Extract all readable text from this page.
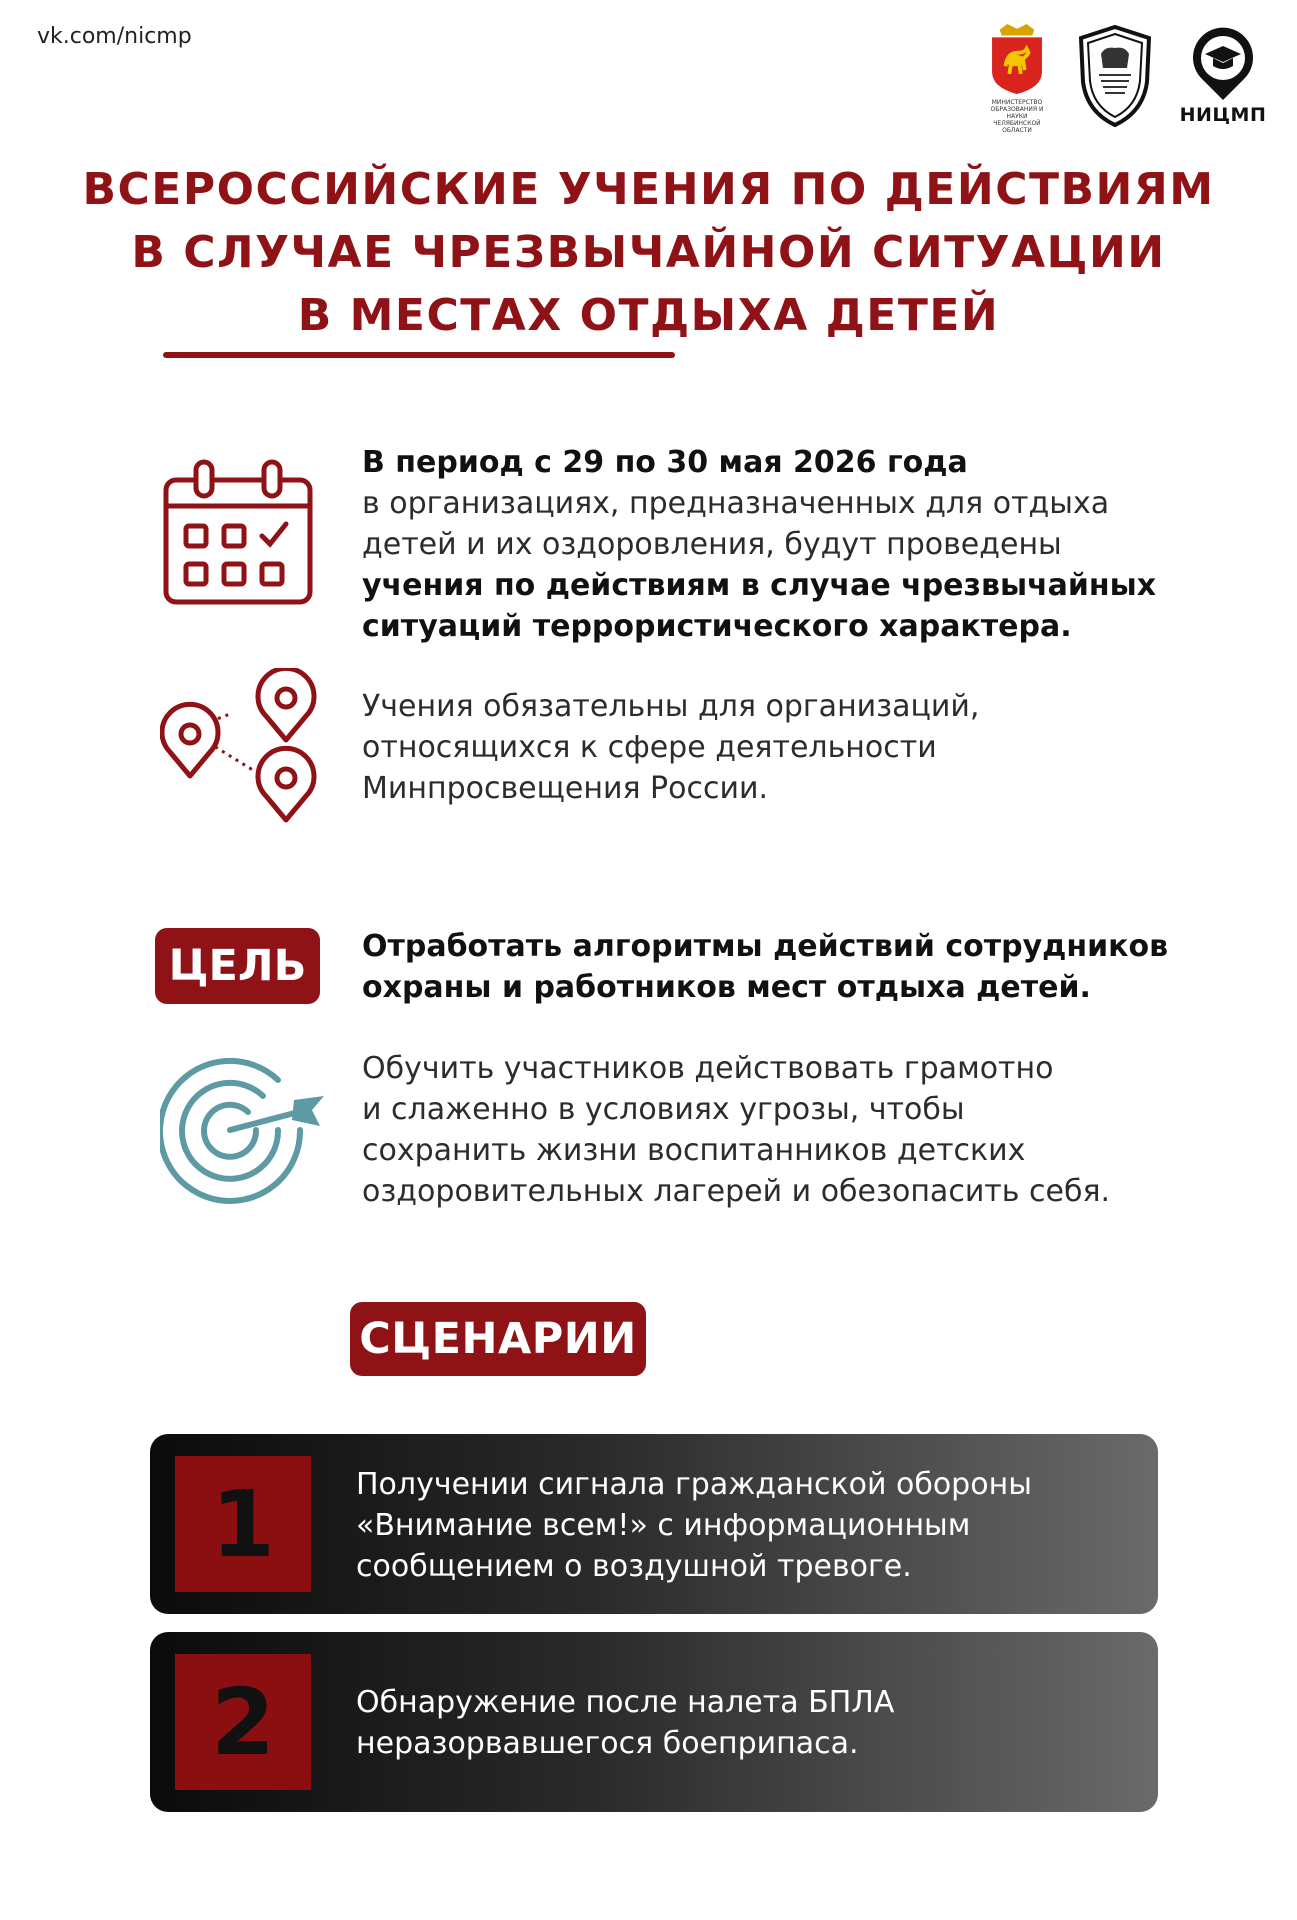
vk.com/nicmp
МИНИСТЕРСТВО
ОБРАЗОВАНИЯ И НАУКИ
ЧЕЛЯБИНСКОЙ ОБЛАСТИ
НИЦМП
ВСЕРОССИЙСКИЕ УЧЕНИЯ ПО ДЕЙСТВИЯМ
В СЛУЧАЕ ЧРЕЗВЫЧАЙНОЙ СИТУАЦИИ
В МЕСТАХ ОТДЫХА ДЕТЕЙ
В период с 29 по 30 мая 2026 года
в организациях, предназначенных для отдыха
детей и их оздоровления, будут проведены
учения по действиям в случае чрезвычайных
ситуаций террористического характера.
Учения обязательны для организаций,
относящихся к сфере деятельности
Минпросвещения России.
ЦЕЛЬ	Отработать алгоритмы действий сотрудников
охраны и работников мест отдыха детей.
Обучить участников действовать грамотно
и слаженно в условиях угрозы, чтобы
сохранить жизни воспитанников детских
оздоровительных лагерей и обезопасить себя.
СЦЕНАРИИ
1	Получении сигнала гражданской обороны
«Внимание всем!» с информационным
сообщением о воздушной тревоге.
2	Обнаружение после налета БПЛА
неразорвавшегося боеприпаса.
